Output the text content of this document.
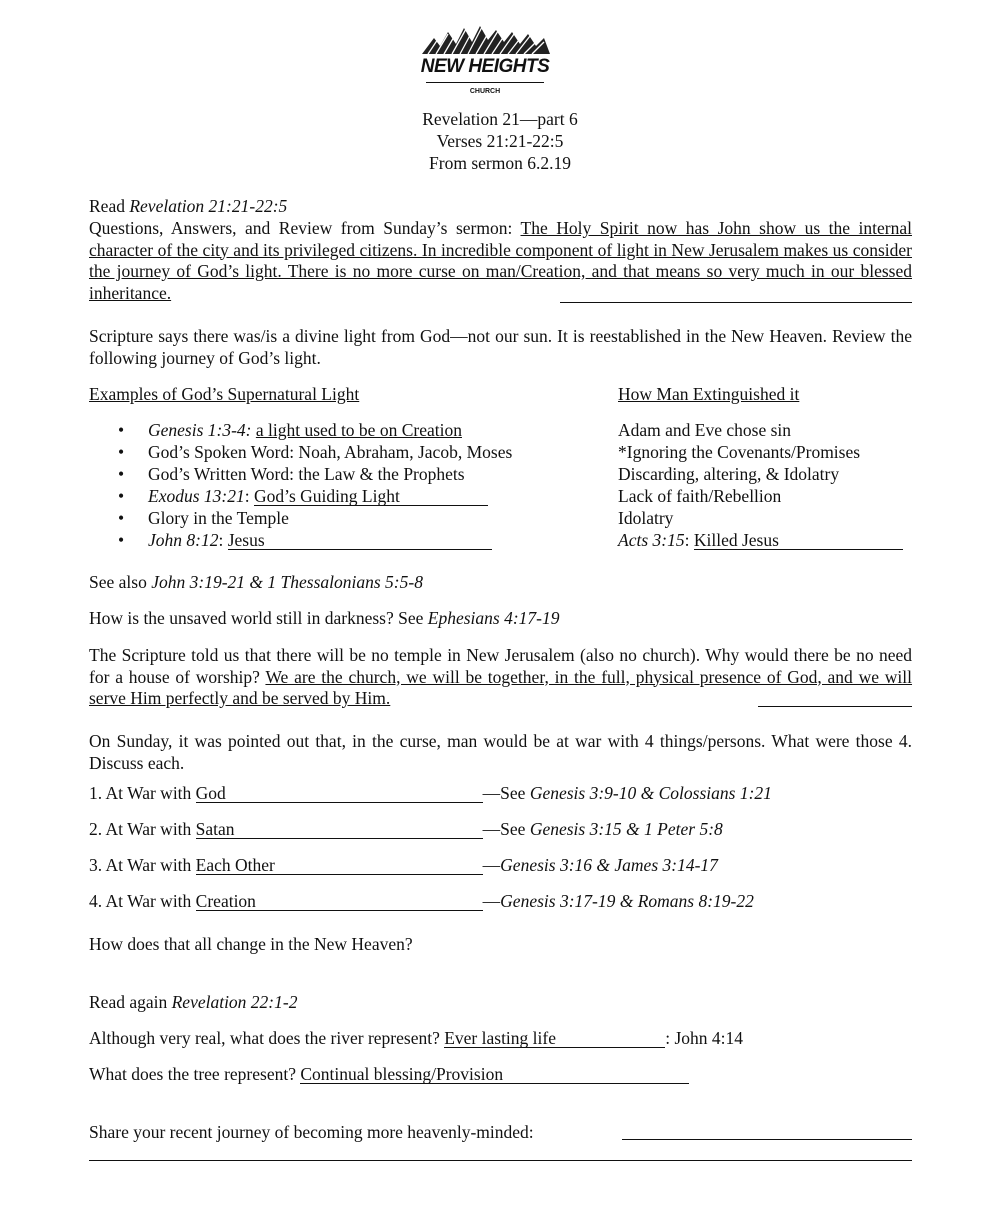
NEW HEIGHTS
CHURCH
Revelation 21—part 6
Verses 21:21-22:5
From sermon 6.2.19
Read Revelation 21:21-22:5
Questions, Answers, and Review from Sunday’s sermon: The Holy Spirit now has John show us the internal character of the city and its privileged citizens. In incredible component of light in New Jerusalem makes us consider the journey of God’s light. There is no more curse on man/Creation, and that means so very much in our blessed inheritance.
Scripture says there was/is a divine light from God—not our sun. It is reestablished in the New Heaven. Review the following journey of God’s light.
Examples of God’s Supernatural Light	How Man Extinguished it
• Genesis 1:3-4: a light used to be on Creation	Adam and Eve chose sin
• God’s Spoken Word: Noah, Abraham, Jacob, Moses	*Ignoring the Covenants/Promises
• God’s Written Word: the Law & the Prophets	Discarding, altering, & Idolatry
• Exodus 13:21: God’s Guiding Light	Lack of faith/Rebellion
• Glory in the Temple	Idolatry
• John 8:12: Jesus	Acts 3:15: Killed Jesus
See also John 3:19-21 & 1 Thessalonians 5:5-8
How is the unsaved world still in darkness? See Ephesians 4:17-19
The Scripture told us that there will be no temple in New Jerusalem (also no church). Why would there be no need for a house of worship? We are the church, we will be together, in the full, physical presence of God, and we will serve Him perfectly and be served by Him.
On Sunday, it was pointed out that, in the curse, man would be at war with 4 things/persons. What were those 4. Discuss each.
1. At War with God	—See Genesis 3:9-10 & Colossians 1:21
2. At War with Satan	—See Genesis 3:15 & 1 Peter 5:8
3. At War with Each Other	—Genesis 3:16 & James 3:14-17
4. At War with Creation	—Genesis 3:17-19 & Romans 8:19-22
How does that all change in the New Heaven?
Read again Revelation 22:1-2
Although very real, what does the river represent? Ever lasting life	: John 4:14
What does the tree represent? Continual blessing/Provision
Share your recent journey of becoming more heavenly-minded:
